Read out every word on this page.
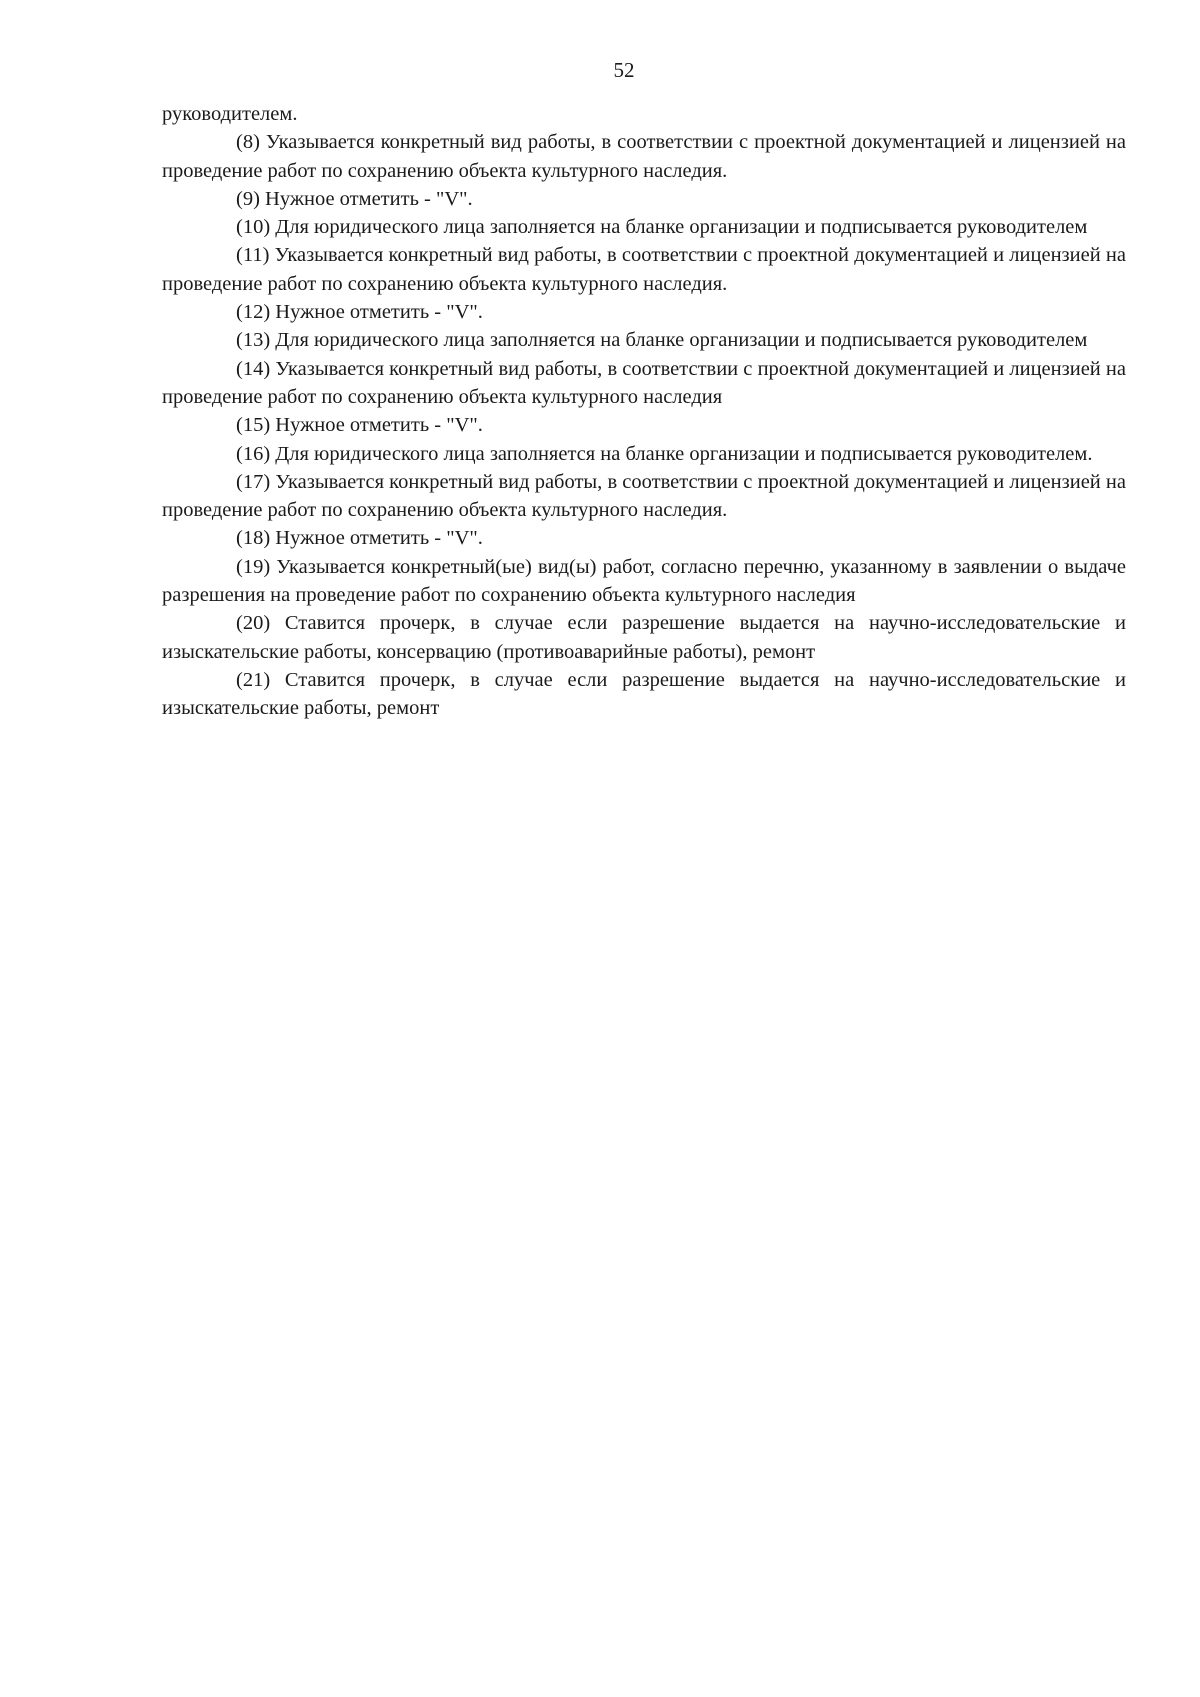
52

руководителем.

(8) Указывается конкретный вид работы, в соответствии с проектной документацией и лицензией на проведение работ по сохранению объекта культурного наследия.

(9) Нужное отметить - "V".

(10) Для юридического лица заполняется на бланке организации и подписывается руководителем

(11) Указывается конкретный вид работы, в соответствии с проектной документацией и лицензией на проведение работ по сохранению объекта культурного наследия.

(12) Нужное отметить - "V".

(13) Для юридического лица заполняется на бланке организации и подписывается руководителем

(14) Указывается конкретный вид работы, в соответствии с проектной документацией и лицензией на проведение работ по сохранению объекта культурного наследия

(15) Нужное отметить - "V".

(16) Для юридического лица заполняется на бланке организации и подписывается руководителем.

(17) Указывается конкретный вид работы, в соответствии с проектной документацией и лицензией на проведение работ по сохранению объекта культурного наследия.

(18) Нужное отметить - "V".

(19) Указывается конкретный(ые) вид(ы) работ, согласно перечню, указанному в заявлении о выдаче разрешения на проведение работ по сохранению объекта культурного наследия

(20) Ставится прочерк, в случае если разрешение выдается на научно-исследовательские и изыскательские работы, консервацию (противоаварийные работы), ремонт

(21) Ставится прочерк, в случае если разрешение выдается на научно-исследовательские и изыскательские работы, ремонт
